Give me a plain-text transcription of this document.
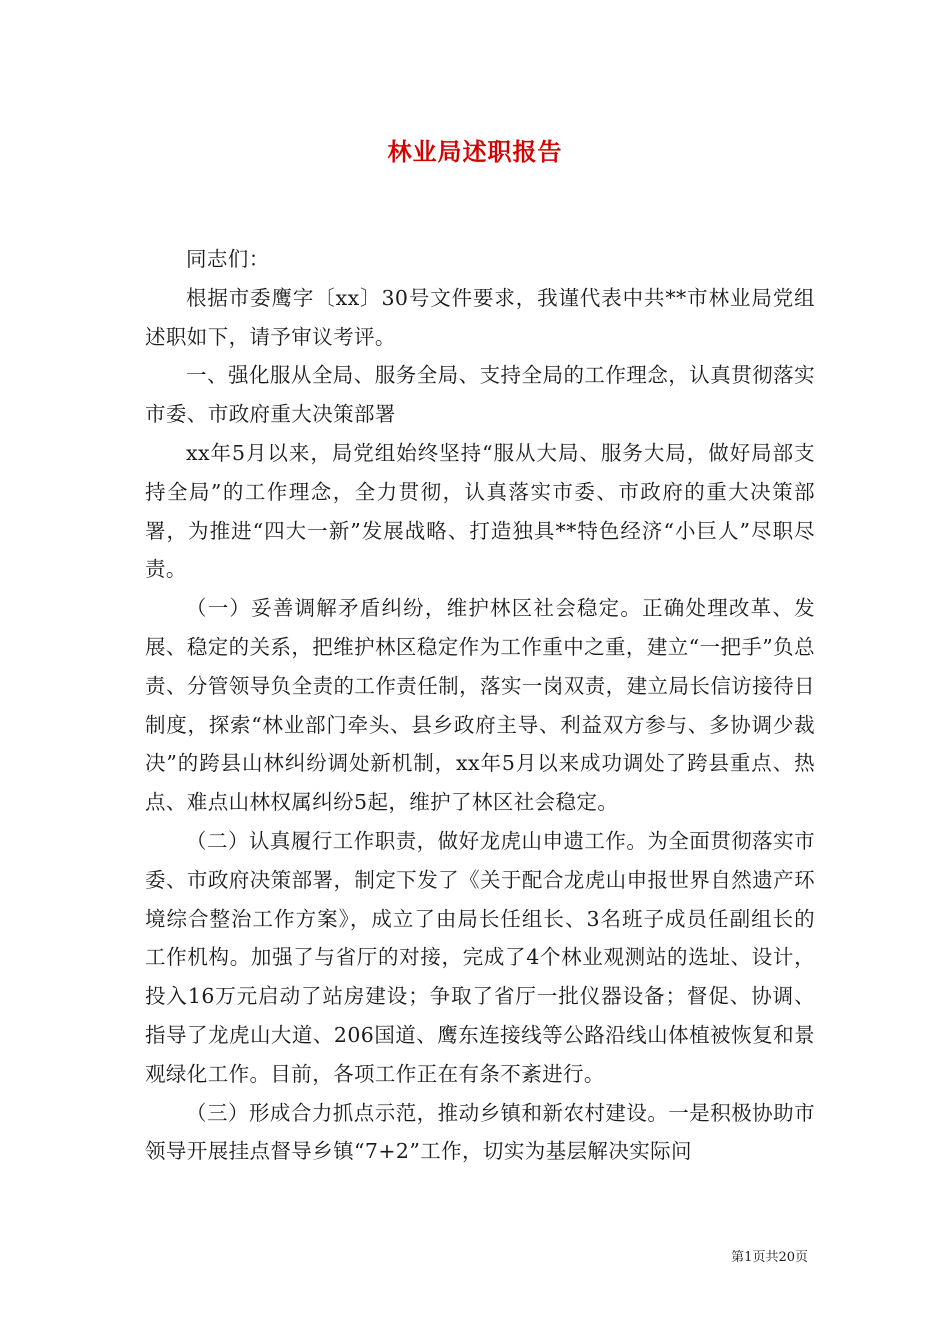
林业局述职报告

同志们：

根据市委鹰字〔xx〕30号文件要求，我谨代表中共**市林业局党组述职如下，请予审议考评。

一、强化服从全局、服务全局、支持全局的工作理念，认真贯彻落实市委、市政府重大决策部署

xx年5月以来，局党组始终坚持“服从大局、服务大局，做好局部支持全局”的工作理念，全力贯彻，认真落实市委、市政府的重大决策部署，为推进“四大一新”发展战略、打造独具**特色经济“小巨人”尽职尽责。

（一）妥善调解矛盾纠纷，维护林区社会稳定。正确处理改革、发展、稳定的关系，把维护林区稳定作为工作重中之重，建立“一把手”负总责、分管领导负全责的工作责任制，落实一岗双责，建立局长信访接待日制度，探索“林业部门牵头、县乡政府主导、利益双方参与、多协调少裁决”的跨县山林纠纷调处新机制，xx年5月以来成功调处了跨县重点、热点、难点山林权属纠纷5起，维护了林区社会稳定。

（二）认真履行工作职责，做好龙虎山申遗工作。为全面贯彻落实市委、市政府决策部署，制定下发了《关于配合龙虎山申报世界自然遗产环境综合整治工作方案》，成立了由局长任组长、3名班子成员任副组长的工作机构。加强了与省厅的对接，完成了4个林业观测站的选址、设计，投入16万元启动了站房建设；争取了省厅一批仪器设备；督促、协调、指导了龙虎山大道、206国道、鹰东连接线等公路沿线山体植被恢复和景观绿化工作。目前，各项工作正在有条不紊进行。

（三）形成合力抓点示范，推动乡镇和新农村建设。一是积极协助市领导开展挂点督导乡镇“7+2”工作，切实为基层解决实际问

第1页共20页
